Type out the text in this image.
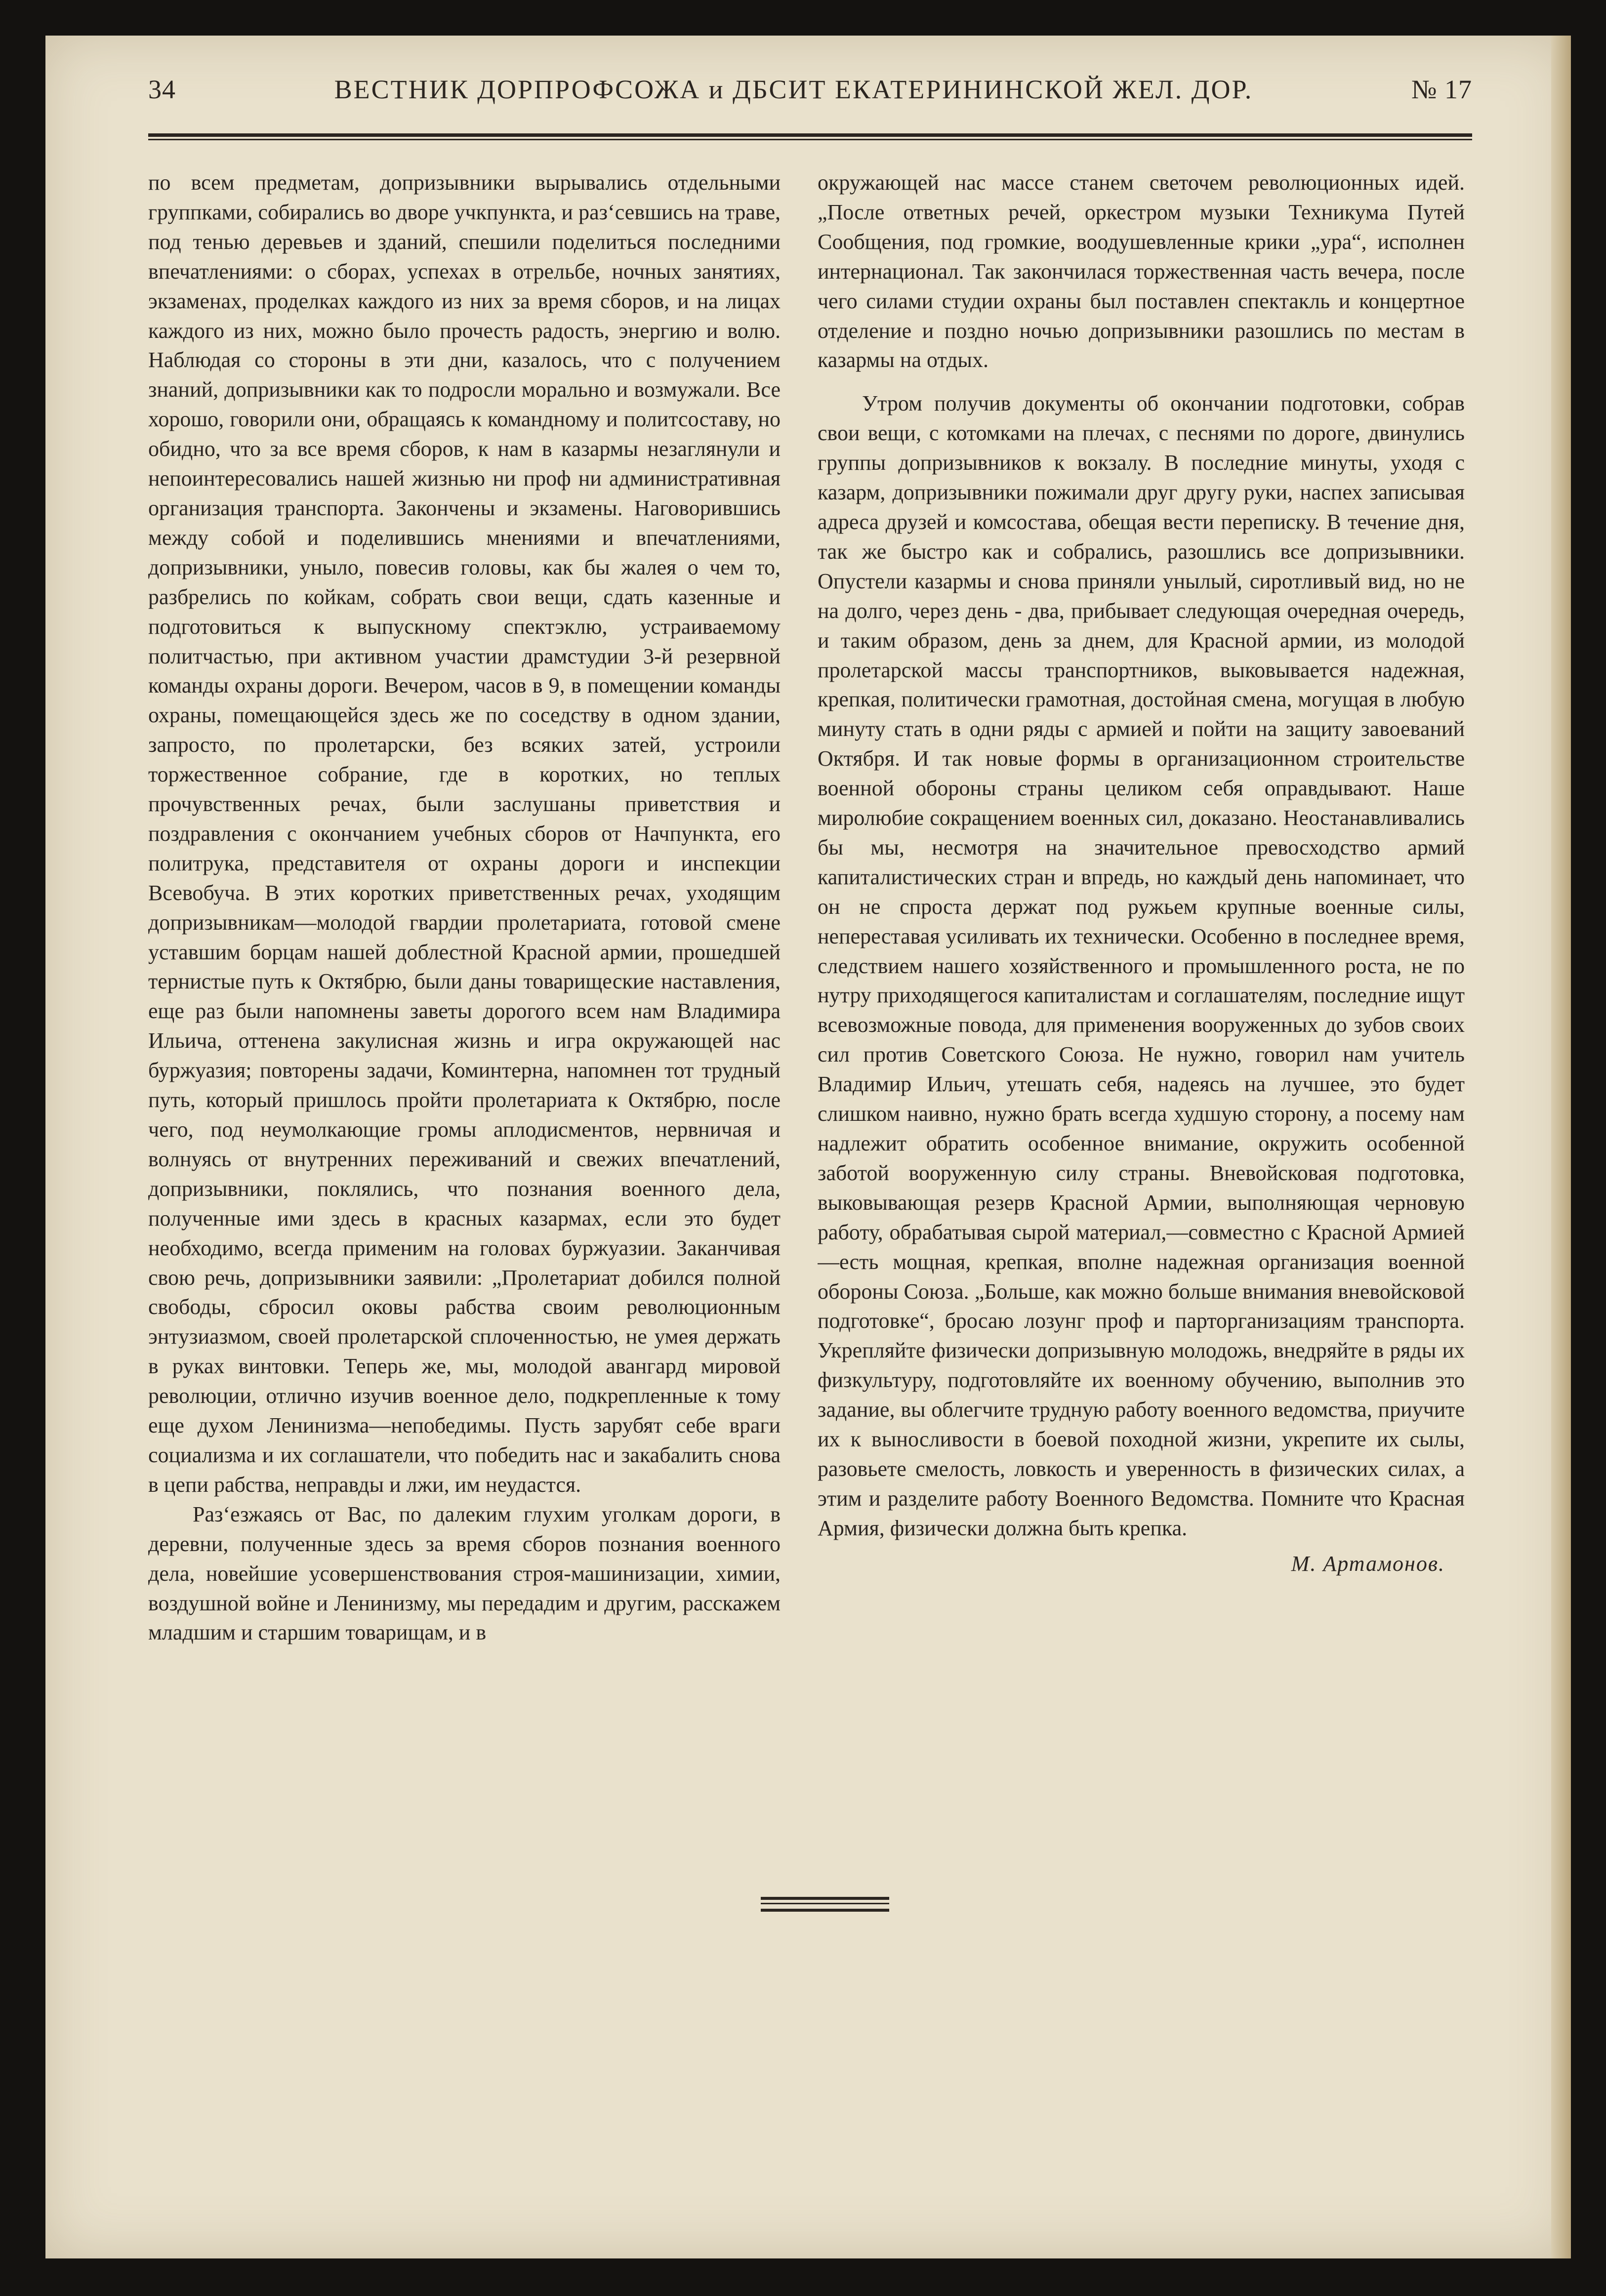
34	ВЕСТНИК ДОРПРОФСОЖА и ДБСИТ ЕКАТЕРИНИНСКОЙ ЖЕЛ. ДОР.	№ 17

по всем предметам, допризывники вырывались отдельными группками, собирались во дворе учкпункта, и раз‘севшись на траве, под тенью деревьев и зданий, спешили поделиться последними впечатлениями: о сборах, успехах в отрельбе, ночных занятиях, экзаменах, проделках каждого из них за время сборов, и на лицах каждого из них, можно было прочесть радость, энергию и волю. Наблюдая со стороны в эти дни, казалось, что с получением знаний, допризывники как то подросли морально и возмужали. Все хорошо, говорили они, обращаясь к командному и политсоставу, но обидно, что за все время сборов, к нам в казармы незаглянули и непоинтересовались нашей жизнью ни проф ни административная организация транспорта. Закончены и экзамены. Наговорившись между собой и поделившись мнениями и впечатлениями, допризывники, уныло, повесив головы, как бы жалея о чем то, разбрелись по койкам, собрать свои вещи, сдать казенные и подготовиться к выпускному спектэклю, устраиваемому политчастью, при активном участии драмстудии 3-й резервной команды охраны дороги. Вечером, часов в 9, в помещении команды охраны, помещающейся здесь же по соседству в одном здании, запросто, по пролетарски, без всяких затей, устроили торжественное собрание, где в коротких, но теплых прочувственных речах, были заслушаны приветствия и поздравления с окончанием учебных сборов от Начпункта, его политрука, представителя от охраны дороги и инспекции Всевобуча. В этих коротких приветственных речах, уходящим допризывникам—молодой гвардии пролетариата, готовой смене уставшим борцам нашей доблестной Красной армии, прошедшей тернистые путь к Октябрю, были даны товарищеские наставления, еще раз были напомнены заветы дорогого всем нам Владимира Ильича, оттенена закулисная жизнь и игра окружающей нас буржуазия; повторены задачи, Коминтерна, напомнен тот трудный путь, который пришлось пройти пролетариата к Октябрю, после чего, под неумолкающие громы аплодисментов, нервничая и волнуясь от внутренних переживаний и свежих впечатлений, допризывники, поклялись, что познания военного дела, полученные ими здесь в красных казармах, если это будет необходимо, всегда применим на головах буржуазии. Заканчивая свою речь, допризывники заявили: „Пролетариат добился полной свободы, сбросил оковы рабства своим революционным энтузиазмом, своей пролетарской сплоченностью, не умея держать в руках винтовки. Теперь же, мы, молодой авангард мировой революции, отлично изучив военное дело, подкрепленные к тому еще духом Ленинизма—непобедимы. Пусть зарубят себе враги социализма и их соглашатели, что победить нас и закабалить снова в цепи рабства, неправды и лжи, им неудастся.

Раз‘езжаясь от Вас, по далеким глухим уголкам дороги, в деревни, полученные здесь за время сборов познания военного дела, новейшие усовершенствования строя-машинизации, химии, воздушной войне и Ленинизму, мы передадим и другим, расскажем младшим и старшим товарищам, и в

окружающей нас массе станем светочем революционных идей. „После ответных речей, оркестром музыки Техникума Путей Сообщения, под громкие, воодушевленные крики „ура“, исполнен интернационал. Так закончилася торжественная часть вечера, после чего силами студии охраны был поставлен спектакль и концертное отделение и поздно ночью допризывники разошлись по местам в казармы на отдых.

Утром получив документы об окончании подготовки, собрав свои вещи, с котомками на плечах, с песнями по дороге, двинулись группы допризывников к вокзалу. В последние минуты, уходя с казарм, допризывники пожимали друг другу руки, наспех записывая адреса друзей и комсостава, обещая вести переписку. В течение дня, так же быстро как и собрались, разошлись все допризывники. Опустели казармы и снова приняли унылый, сиротливый вид, но не на долго, через день - два, прибывает следующая очередная очередь, и таким образом, день за днем, для Красной армии, из молодой пролетарской массы транспортников, выковывается надежная, крепкая, политически грамотная, достойная смена, могущая в любую минуту стать в одни ряды с армией и пойти на защиту завоеваний Октября. И так новые формы в организационном строительстве военной обороны страны целиком себя оправдывают. Наше миролюбие сокращением военных сил, доказано. Неостанавливались бы мы, несмотря на значительное превосходство армий капиталистических стран и впредь, но каждый день напоминает, что он не спроста держат под ружьем крупные военные силы, непереставая усиливать их технически. Особенно в последнее время, следствием нашего хозяйственного и промышленного роста, не по нутру приходящегося капиталистам и соглашателям, последние ищут всевозможные повода, для применения вооруженных до зубов своих сил против Советского Союза. Не нужно, говорил нам учитель Владимир Ильич, утешать себя, надеясь на лучшее, это будет слишком наивно, нужно брать всегда худшую сторону, а посему нам надлежит обратить особенное внимание, окружить особенной заботой вооруженную силу страны. Вневойсковая подготовка, выковывающая резерв Красной Армии, выполняющая черновую работу, обрабатывая сырой материал,—совместно с Красной Армией—есть мощная, крепкая, вполне надежная организация военной обороны Союза. „Больше, как можно больше внимания вневойсковой подготовке“, бросаю лозунг проф и парторганизациям транспорта. Укрепляйте физически допризывную молодожь, внедряйте в ряды их физкультуру, подготовляйте их военному обучению, выполнив это задание, вы облегчите трудную работу военного ведомства, приучите их к выносливости в боевой походной жизни, укрепите их сылы, разовьете смелость, ловкость и уверенность в физических силах, а этим и разделите работу Военного Ведомства. Помните что Красная Армия, физически должна быть крепка.

М. Артамонов.
